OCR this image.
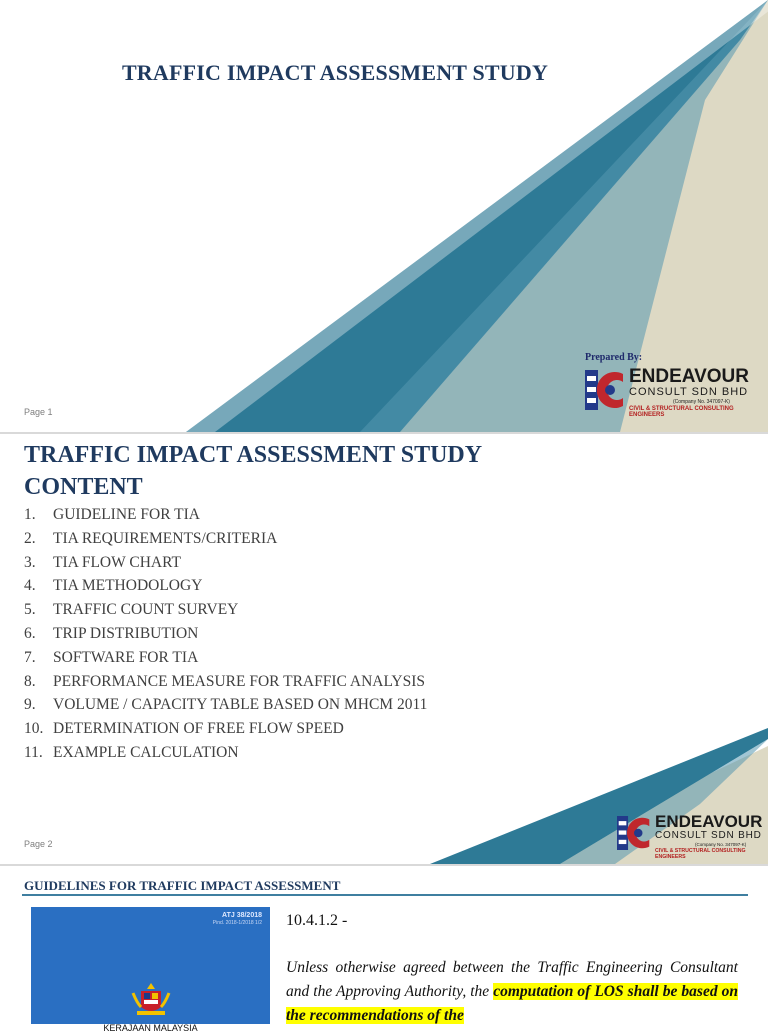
TRAFFIC IMPACT ASSESSMENT STUDY
Prepared By:
ENDEAVOUR
CONSULT SDN BHD
(Company No. 347097-K)
CIVIL & STRUCTURAL CONSULTING ENGINEERS
Page 1
TRAFFIC IMPACT ASSESSMENT STUDY
CONTENT
1. GUIDELINE FOR TIA
2. TIA REQUIREMENTS/CRITERIA
3. TIA FLOW CHART
4. TIA METHODOLOGY
5. TRAFFIC COUNT SURVEY
6. TRIP DISTRIBUTION
7. SOFTWARE FOR TIA
8. PERFORMANCE MEASURE FOR TRAFFIC ANALYSIS
9. VOLUME / CAPACITY TABLE BASED ON MHCM 2011
10. DETERMINATION OF FREE FLOW SPEED
11. EXAMPLE CALCULATION
ENDEAVOUR
CONSULT SDN BHD
(Company No. 347097-K)
CIVIL & STRUCTURAL CONSULTING ENGINEERS
Page 2
GUIDELINES FOR TRAFFIC IMPACT ASSESSMENT
ATJ 38/2018
Pind. 2018-1/2018 1/2
KERAJAAN MALAYSIA
10.4.1.2 -
Unless otherwise agreed between the Traffic Engineering Consultant and the Approving Authority, the computation of LOS shall be based on the recommendations of the
